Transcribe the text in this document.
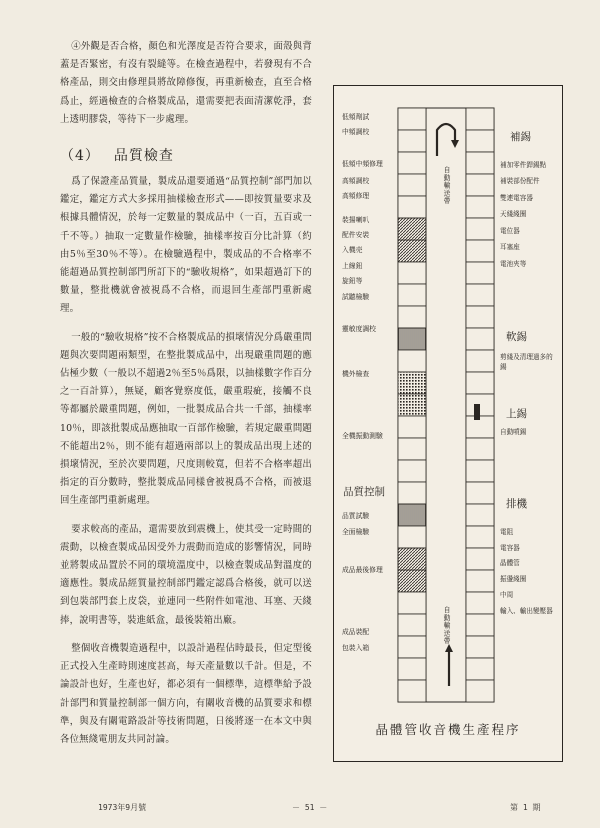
④外觀是否合格，顏色和光澤度是否符合要求，面殼與背蓋是否緊密，有沒有裂縫等。在檢查過程中，若發現有不合格產品，則交由修理員將故障修復，再重新檢查，直至合格爲止，經過檢查的合格製成品，還需要把表面清潔乾淨，套上透明膠袋，等待下一步處理。

（4） 品質檢查

爲了保證產品質量，製成品還要通過“品質控制”部門加以鑑定，鑑定方式大多採用抽樣檢查形式——即按質量要求及根據具體情況，於每一定數量的製成品中（一百，五百或一千不等。）抽取一定數量作檢驗，抽樣率按百分比計算（約由5％至30％不等）。在檢驗過程中，製成品的不合格率不能超過品質控制部門所訂下的“驗收規格”，如果超過訂下的數量，整批機就會被視爲不合格，而退回生產部門重新處理。

一般的“驗收規格”按不合格製成品的損壞情況分爲嚴重問題與次要問題兩類型，在整批製成品中，出現嚴重問題的應佔極少數（一般以不超過2％至5％爲限，以抽樣數字作百分之一百計算），無疑，顧客覺察度低，嚴重瑕疵，接觸不良等都屬於嚴重問題，例如，一批製成品合共一千部，抽樣率10％，即該批製成品應抽取一百部作檢驗，若規定嚴重問題不能超出2％，則不能有超過兩部以上的製成品出現上述的損壞情況，至於次要問題，尺度則較寬，但若不合格率超出指定的百分數時，整批製成品同樣會被視爲不合格，而被退回生產部門重新處理。

要求較高的產品，還需要放到震機上，使其受一定時間的震動，以檢查製成品因受外力震動而造成的影響情況，同時並將製成品置於不同的環境溫度中，以檢查製成品對溫度的適應性。製成品經質量控制部門鑑定認爲合格後，就可以送到包裝部門套上皮袋，並連同一些附件如電池、耳塞、天綫捧，說明書等，裝進紙盒，最後裝箱出廠。

整個收音機製造過程中，以設計過程佔時最長，但定型後正式投入生產時則速度甚高，每天產量數以千計。但是，不論設計也好，生產也好，都必須有一個標準，這標準給予設計部門和質量控制部一個方向，有關收音機的品質要求和標準，與及有關電路設計等技術問題，日後將逐一在本文中與各位無綫電朋友共同討論。

自動輸送帶
自動輸送帶
補錫
軟錫
上錫
品質控制
排機
低頻劑試
中頻調校
低頻中頻修理
高頻調校
高頻修理
裝揚喇叭
配件安裝
入機売
上線鈕
旋鈕等
試聽檢驗
靈敏度調校
機外檢查
全機振動測驗
品質試驗
全面檢驗
成品最後修理
成品裝配
包裝入箱
補加零件銲錫點
補裝部份配件
雙連電容器
天綫綫圈
電位器
耳塞座
電池夾等
剪綫及清理過多的錫
自動噴錫
電阻
電容器
晶體管
振盪綫圈
中周
輸入、輸出變壓器
晶體管收音機生產程序
1973年9月號	－ 51 －	第 1 期
